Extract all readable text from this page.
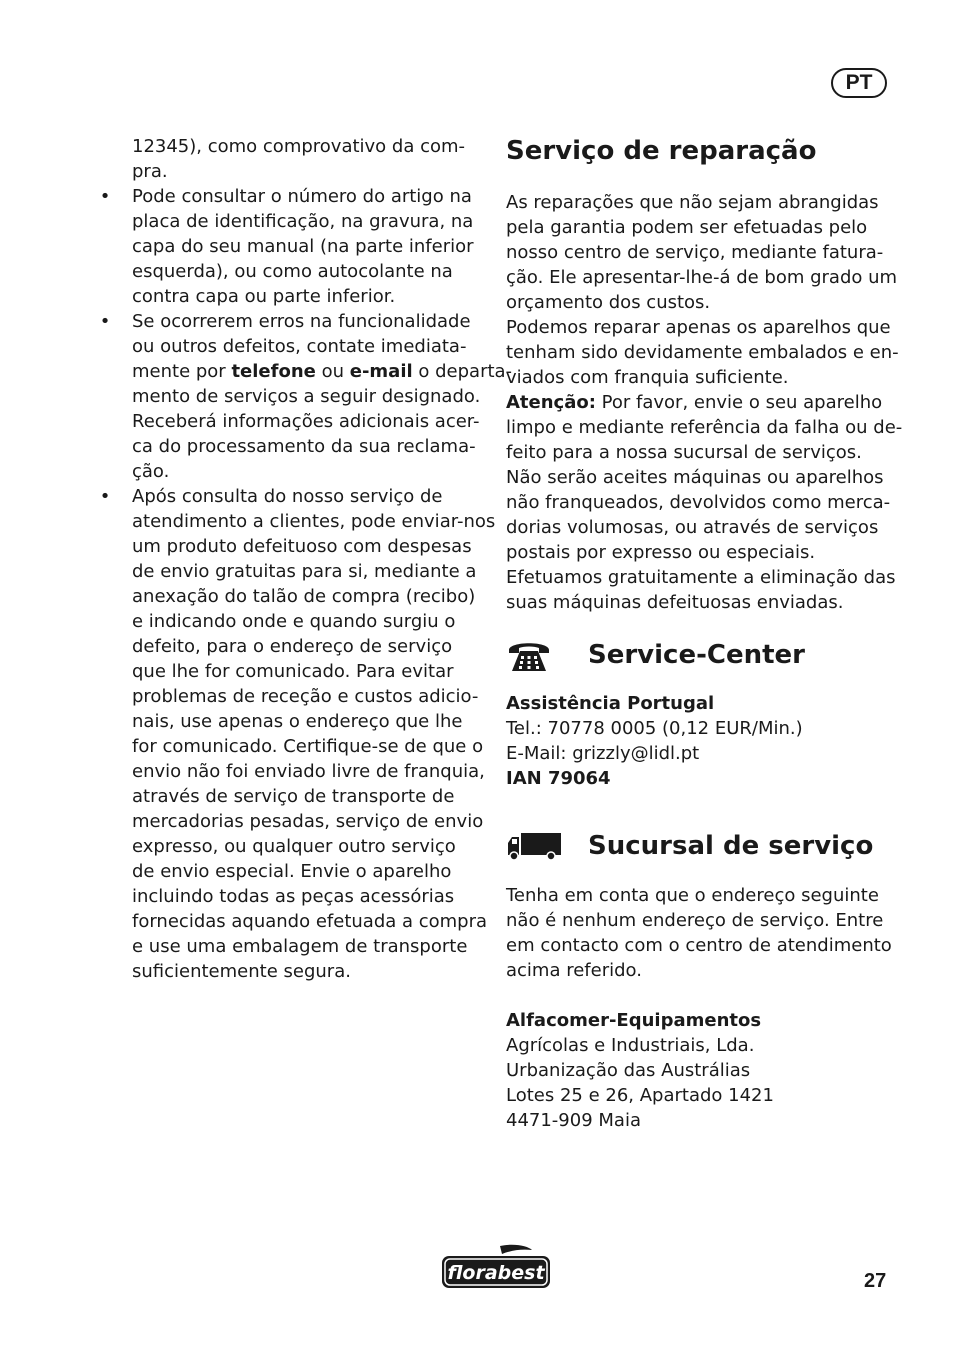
PT

12345), como comprovativo da com-

pra.

• Pode consultar o número do artigo na
placa de identificação, na gravura, na
capa do seu manual (na parte inferior
esquerda), ou como autocolante na
contra capa ou parte inferior.
• Se ocorrerem erros na funcionalidade
ou outros defeitos, contate imediata-
mente por telefone ou e-mail o departa-
mento de serviços a seguir designado.
Receberá informações adicionais acer-
ca do processamento da sua reclama-
ção.
• Após consulta do nosso serviço de
atendimento a clientes, pode enviar-nos
um produto defeituoso com despesas
de envio gratuitas para si, mediante a
anexação do talão de compra (recibo)
e indicando onde e quando surgiu o
defeito, para o endereço de serviço
que lhe for comunicado. Para evitar
problemas de receção e custos adicio-
nais, use apenas o endereço que lhe
for comunicado. Certifique-se de que o
envio não foi enviado livre de franquia,
através de serviço de transporte de
mercadorias pesadas, serviço de envio
expresso, ou qualquer outro serviço
de envio especial. Envie o aparelho
incluindo todas as peças acessórias
fornecidas aquando efetuada a compra
e use uma embalagem de transporte
suficientemente segura.
Serviço de reparação
As reparações que não sejam abrangidas
pela garantia podem ser efetuadas pelo
nosso centro de serviço, mediante fatura-
ção. Ele apresentar-lhe-á de bom grado um
orçamento dos custos.
Podemos reparar apenas os aparelhos que
tenham sido devidamente embalados e en-
viados com franquia suficiente.
Atenção: Por favor, envie o seu aparelho
limpo e mediante referência da falha ou de-
feito para a nossa sucursal de serviços.
Não serão aceites máquinas ou aparelhos
não franqueados, devolvidos como merca-
dorias volumosas, ou através de serviços
postais por expresso ou especiais.
Efetuamos gratuitamente a eliminação das
suas máquinas defeituosas enviadas.
Service-Center
Assistência Portugal
Tel.: 70778 0005 (0,12 EUR/Min.)
E-Mail: grizzly@lidl.pt
IAN 79064
Sucursal de serviço
Tenha em conta que o endereço seguinte
não é nenhum endereço de serviço. Entre
em contacto com o centro de atendimento
acima referido.
Alfacomer-Equipamentos
Agrícolas e Industriais, Lda.
Urbanização das Austrálias
Lotes 25 e 26, Apartado 1421
4471-909 Maia
florabest	27
